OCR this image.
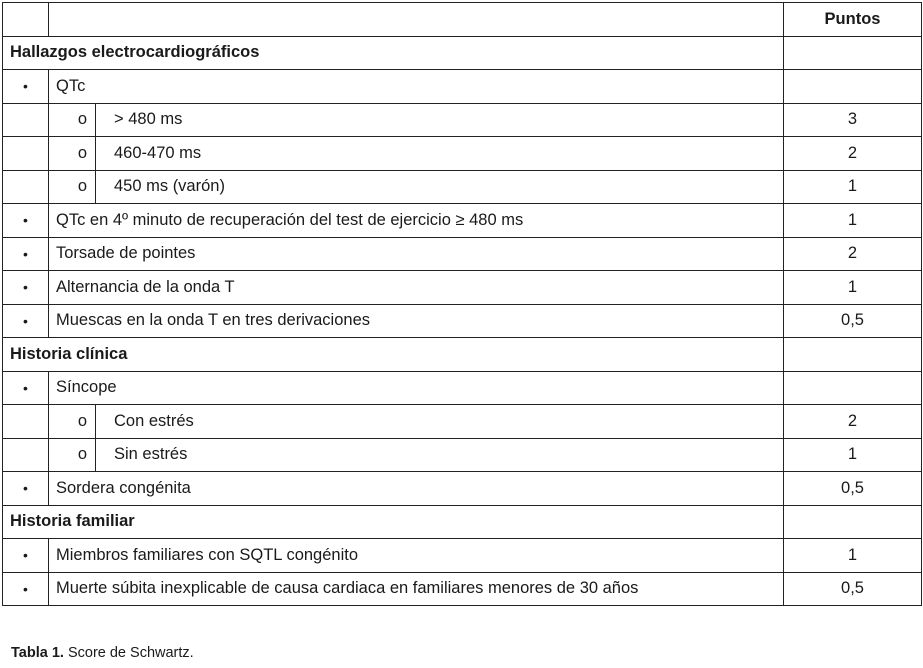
			Puntos
Hallazgos electrocardiográficos			
•	QTc		
	o	> 480 ms	3
	o	460-470 ms	2
	o	450 ms (varón)	1
•	QTc en 4º minuto de recuperación del test de ejercicio ≥ 480 ms		1
•	Torsade de pointes		2
•	Alternancia de la onda T		1
•	Muescas en la onda T en tres derivaciones		0,5
Historia clínica			
•	Síncope		
	o	Con estrés	2
	o	Sin estrés	1
•	Sordera congénita		0,5
Historia familiar			
•	Miembros familiares con SQTL congénito		1
•	Muerte súbita inexplicable de causa cardiaca en familiares menores de 30 años		0,5

Tabla 1. Score de Schwartz.
